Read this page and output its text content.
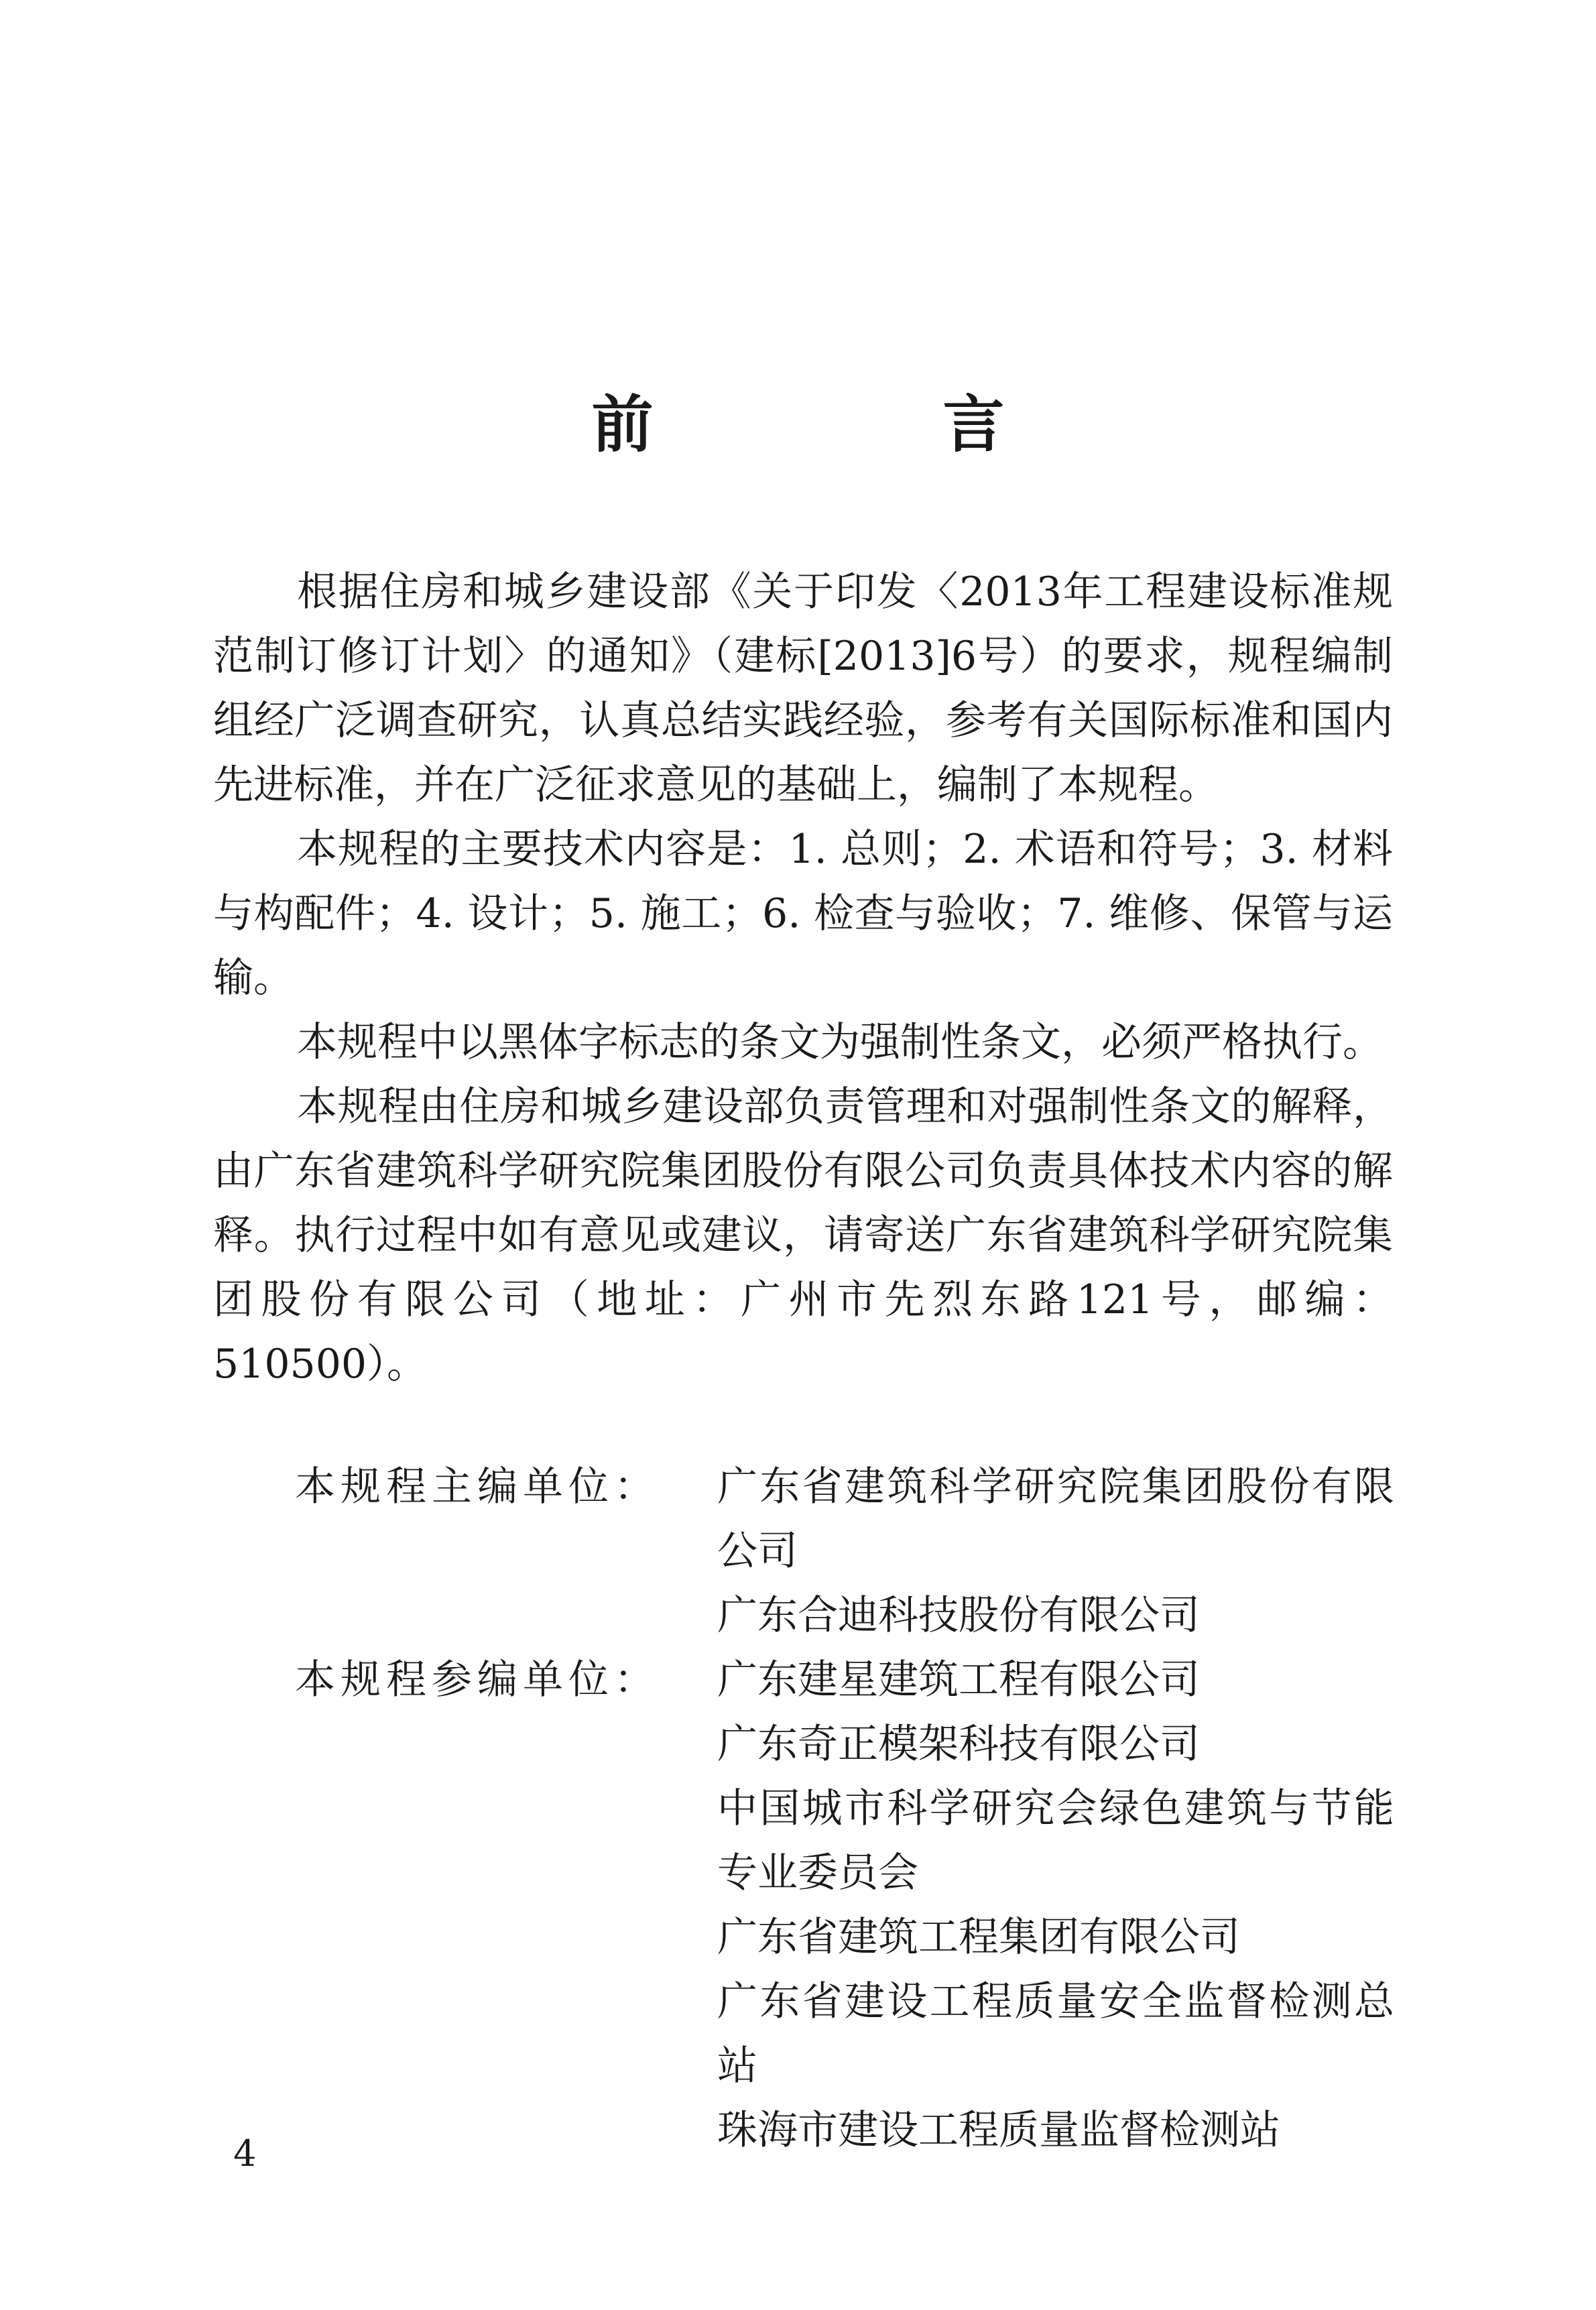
前　言

根据住房和城乡建设部《关于印发〈2013年工程建设标准规范制订修订计划〉的通知》（建标[2013]6号）的要求，规程编制组经广泛调查研究，认真总结实践经验，参考有关国际标准和国内先进标准，并在广泛征求意见的基础上，编制了本规程。

本规程的主要技术内容是：1. 总则；2. 术语和符号；3. 材料与构配件；4. 设计；5. 施工；6. 检查与验收；7. 维修、保管与运输。

本规程中以黑体字标志的条文为强制性条文，必须严格执行。

本规程由住房和城乡建设部负责管理和对强制性条文的解释，由广东省建筑科学研究院集团股份有限公司负责具体技术内容的解释。执行过程中如有意见或建议，请寄送广东省建筑科学研究院集团股份有限公司（地址：广州市先烈东路121号，邮编：510500）。

本规程主编单位：	广东省建筑科学研究院集团股份有限公司
广东合迪科技股份有限公司
本规程参编单位：	广东建星建筑工程有限公司
广东奇正模架科技有限公司
中国城市科学研究会绿色建筑与节能专业委员会
广东省建筑工程集团有限公司
广东省建设工程质量安全监督检测总站
珠海市建设工程质量监督检测站
4
